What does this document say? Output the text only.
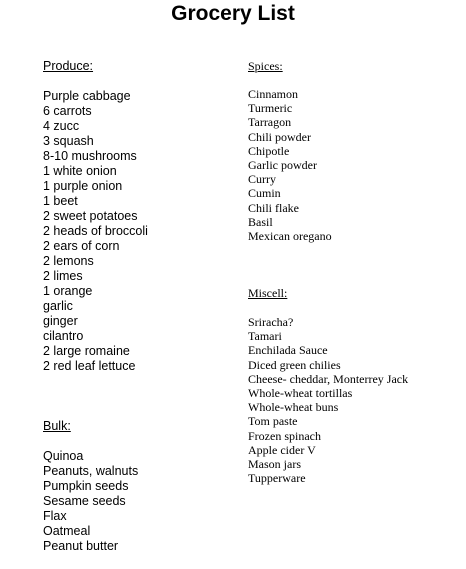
Grocery List

Produce:

Purple cabbage
6 carrots
4 zucc
3 squash
8-10 mushrooms
1 white onion
1 purple onion
1 beet
2 sweet potatoes
2 heads of broccoli
2 ears of corn
2 lemons
2 limes
1 orange
garlic
ginger
cilantro
2 large romaine
2 red leaf lettuce

Bulk:

Quinoa
Peanuts, walnuts
Pumpkin seeds
Sesame seeds
Flax
Oatmeal
Peanut butter

Spices:

Cinnamon
Turmeric
Tarragon
Chili powder
Chipotle
Garlic powder
Curry
Cumin
Chili flake
Basil
Mexican oregano

Miscell:

Sriracha?
Tamari
Enchilada Sauce
Diced green chilies
Cheese- cheddar, Monterrey Jack
Whole-wheat tortillas
Whole-wheat buns
Tom paste
Frozen spinach
Apple cider V
Mason jars
Tupperware
